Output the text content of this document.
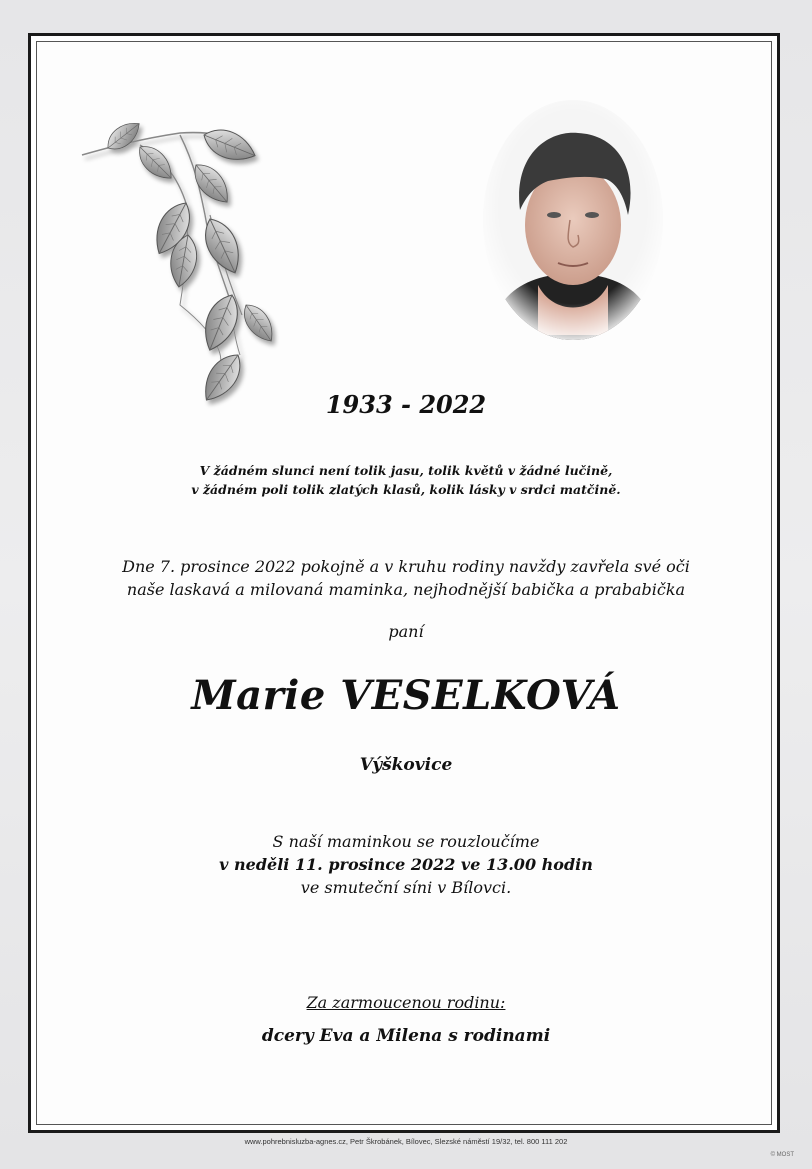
1933 - 2022
V žádném slunci není tolik jasu, tolik květů v žádné lučině,
v žádném poli tolik zlatých klasů, kolik lásky v srdci matčině.
Dne 7. prosince 2022 pokojně a v kruhu rodiny navždy zavřela své oči
naše laskavá a milovaná maminka, nejhodnější babička a prababička
paní
Marie VESELKOVÁ
Výškovice
S naší maminkou se rouzloučíme
v neděli 11. prosince 2022 ve 13.00 hodin
ve smuteční síni v Bílovci.
Za zarmoucenou rodinu:
dcery Eva a Milena s rodinami
www.pohrebnisluzba-agnes.cz, Petr Škrobánek, Bílovec, Slezské náměstí 19/32, tel. 800 111 202
© MOST
